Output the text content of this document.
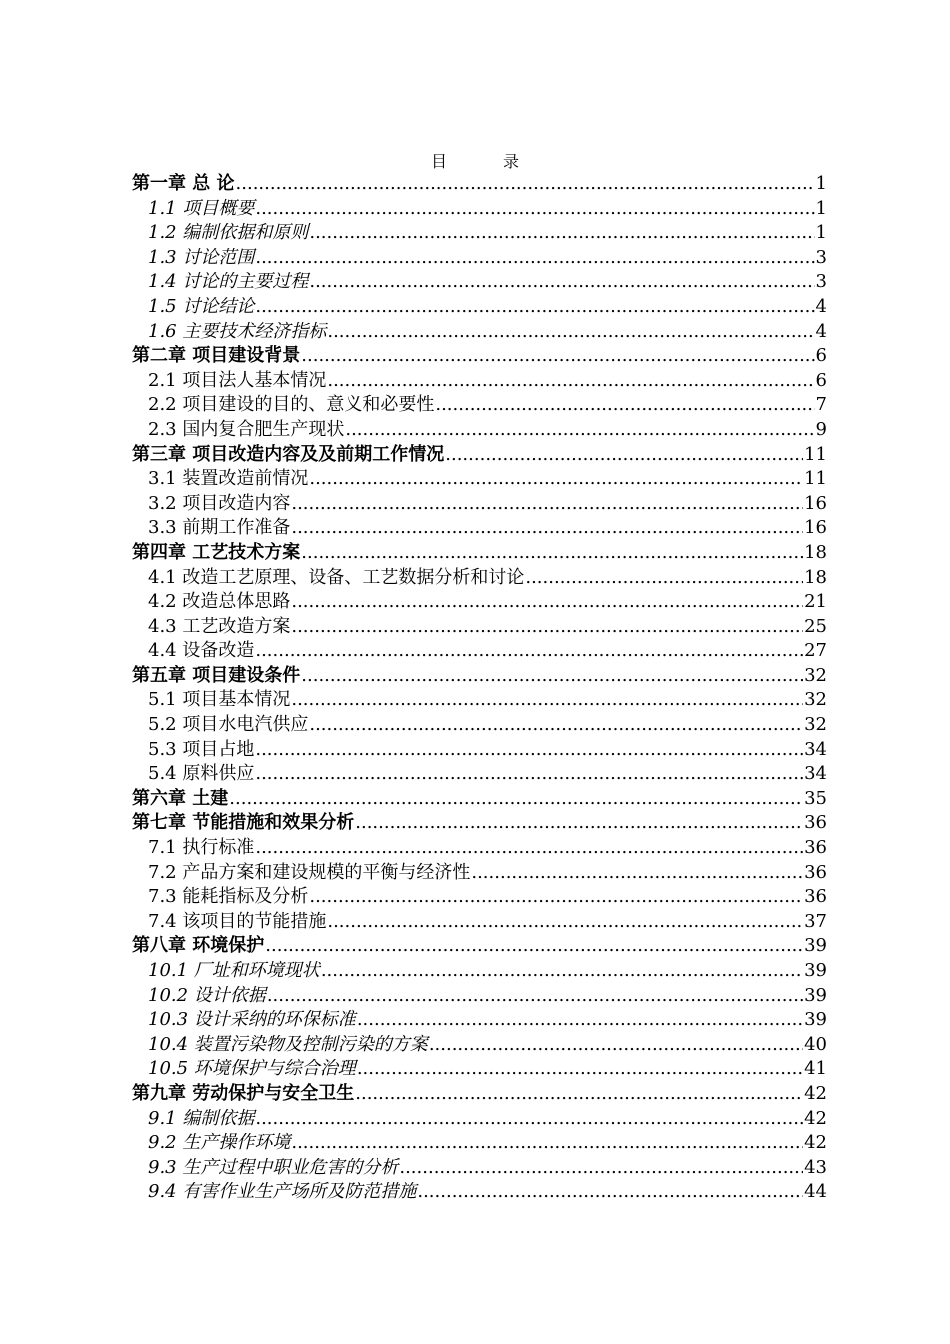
目	录
第一章 总 论 .....	1
1.1 项目概要 .....	1
1.2 编制依据和原则 .....	1
1.3 讨论范围 .....	3
1.4 讨论的主要过程 .....	3
1.5 讨论结论 .....	4
1.6 主要技术经济指标 .....	4
第二章 项目建设背景 .....	6
2.1 项目法人基本情况 .....	6
2.2 项目建设的目的、意义和必要性 .....	7
2.3 国内复合肥生产现状 .....	9
第三章 项目改造内容及及前期工作情况 .....	11
3.1 装置改造前情况 .....	11
3.2 项目改造内容 .....	16
3.3 前期工作准备 .....	16
第四章 工艺技术方案 .....	18
4.1 改造工艺原理、设备、工艺数据分析和讨论 .....	18
4.2 改造总体思路 .....	21
4.3 工艺改造方案 .....	25
4.4 设备改造 .....	27
第五章 项目建设条件 .....	32
5.1 项目基本情况 .....	32
5.2 项目水电汽供应 .....	32
5.3 项目占地 .....	34
5.4 原料供应 .....	34
第六章 土建 .....	35
第七章 节能措施和效果分析 .....	36
7.1 执行标准 .....	36
7.2 产品方案和建设规模的平衡与经济性 .....	36
7.3 能耗指标及分析 .....	36
7.4 该项目的节能措施 .....	37
第八章 环境保护 .....	39
10.1 厂址和环境现状 .....	39
10.2 设计依据 .....	39
10.3 设计采纳的环保标准 .....	39
10.4 装置污染物及控制污染的方案 .....	40
10.5 环境保护与综合治理 .....	41
第九章 劳动保护与安全卫生 .....	42
9.1 编制依据 .....	42
9.2 生产操作环境 .....	42
9.3 生产过程中职业危害的分析 .....	43
9.4 有害作业生产场所及防范措施 .....	44
